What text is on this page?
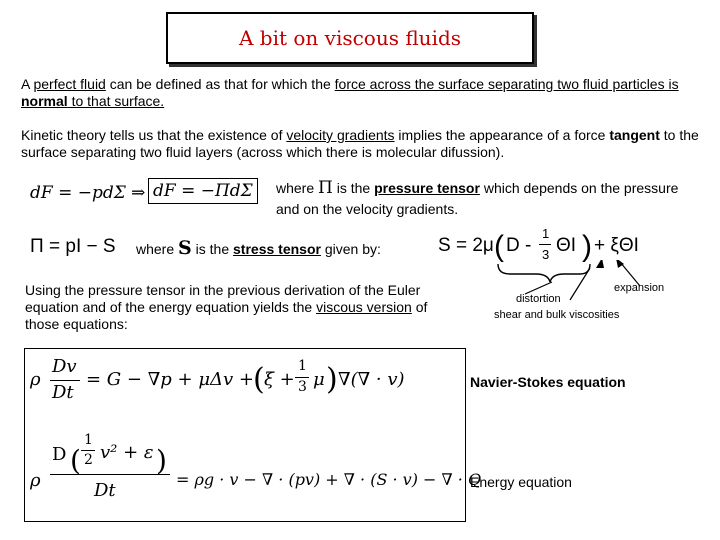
A bit on viscous fluids
A perfect fluid can be defined as that for which the force across the surface separating two fluid particles is normal to that surface.
Kinetic theory tells us that the existence of velocity gradients implies the appearance of a force tangent to the surface separating two fluid layers (across which there is molecular difussion).
dF = −pdΣ ⇒ dF = −ΠdΣ	where Π is the pressure tensor which depends on the pressure and on the velocity gradients.
Π = pI − S where S is the stress tensor given by:	S = 2μ ( D -
1
3 ΘI ) + ξΘI
distortion
expansion
shear and bulk viscosities
Using the pressure tensor in the previous derivation of the Euler equation and of the energy equation yields the viscous version of those equations:
ρ
Dv
Dt
= G − ∇p + μΔv + ( ξ +
1
3 μ ) ∇(∇ · v)	Navier-Stokes equation
ρ
D (
1
2 v² + ε )
Dt
= ρg · v − ∇ · (pv) + ∇ · (S · v) − ∇ · Q
Energy equation
